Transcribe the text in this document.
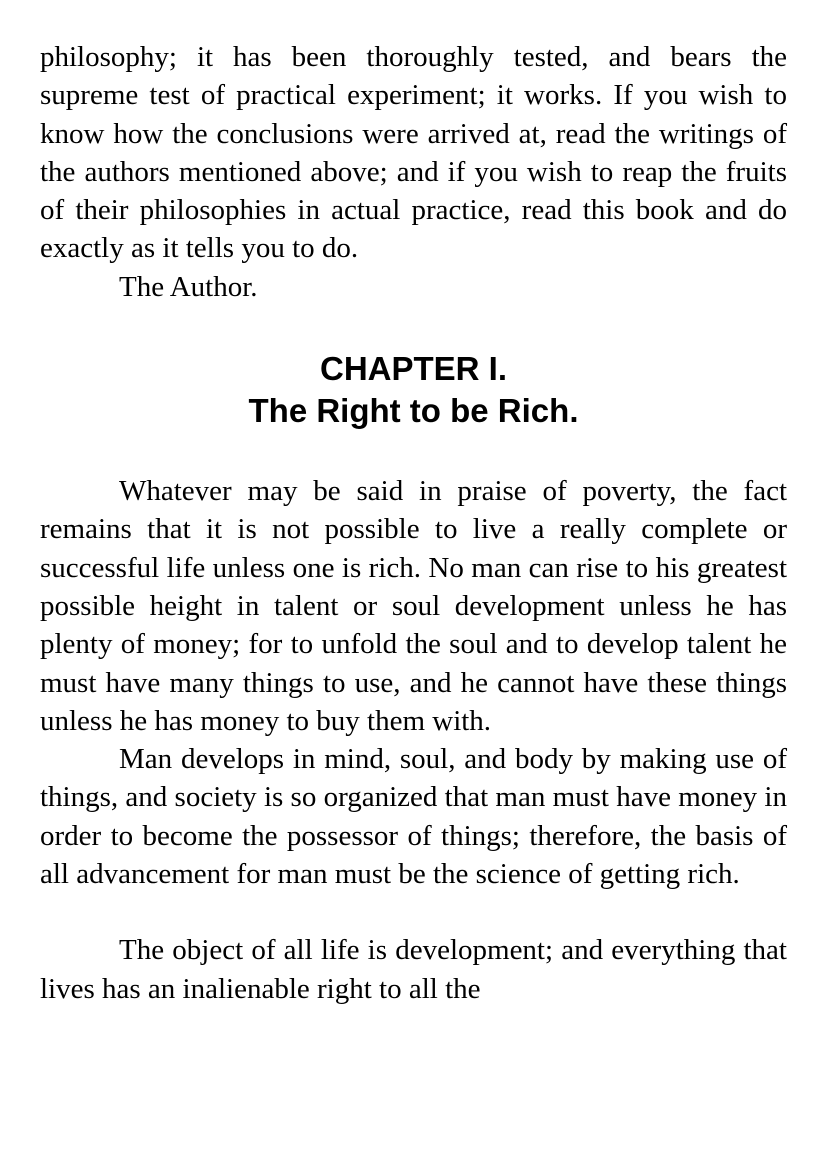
philosophy; it has been thoroughly tested, and bears the supreme test of practical experiment; it works. If you wish to know how the conclusions were arrived at, read the writings of the authors mentioned above; and if you wish to reap the fruits of their philosophies in actual practice, read this book and do exactly as it tells you to do.

The Author.

CHAPTER I.
The Right to be Rich.

Whatever may be said in praise of poverty, the fact remains that it is not possible to live a really complete or successful life unless one is rich. No man can rise to his greatest possible height in talent or soul development unless he has plenty of money; for to unfold the soul and to develop talent he must have many things to use, and he cannot have these things unless he has money to buy them with.

Man develops in mind, soul, and body by making use of things, and society is so organized that man must have money in order to become the possessor of things; therefore, the basis of all advancement for man must be the science of getting rich.

The object of all life is development; and everything that lives has an inalienable right to all the
